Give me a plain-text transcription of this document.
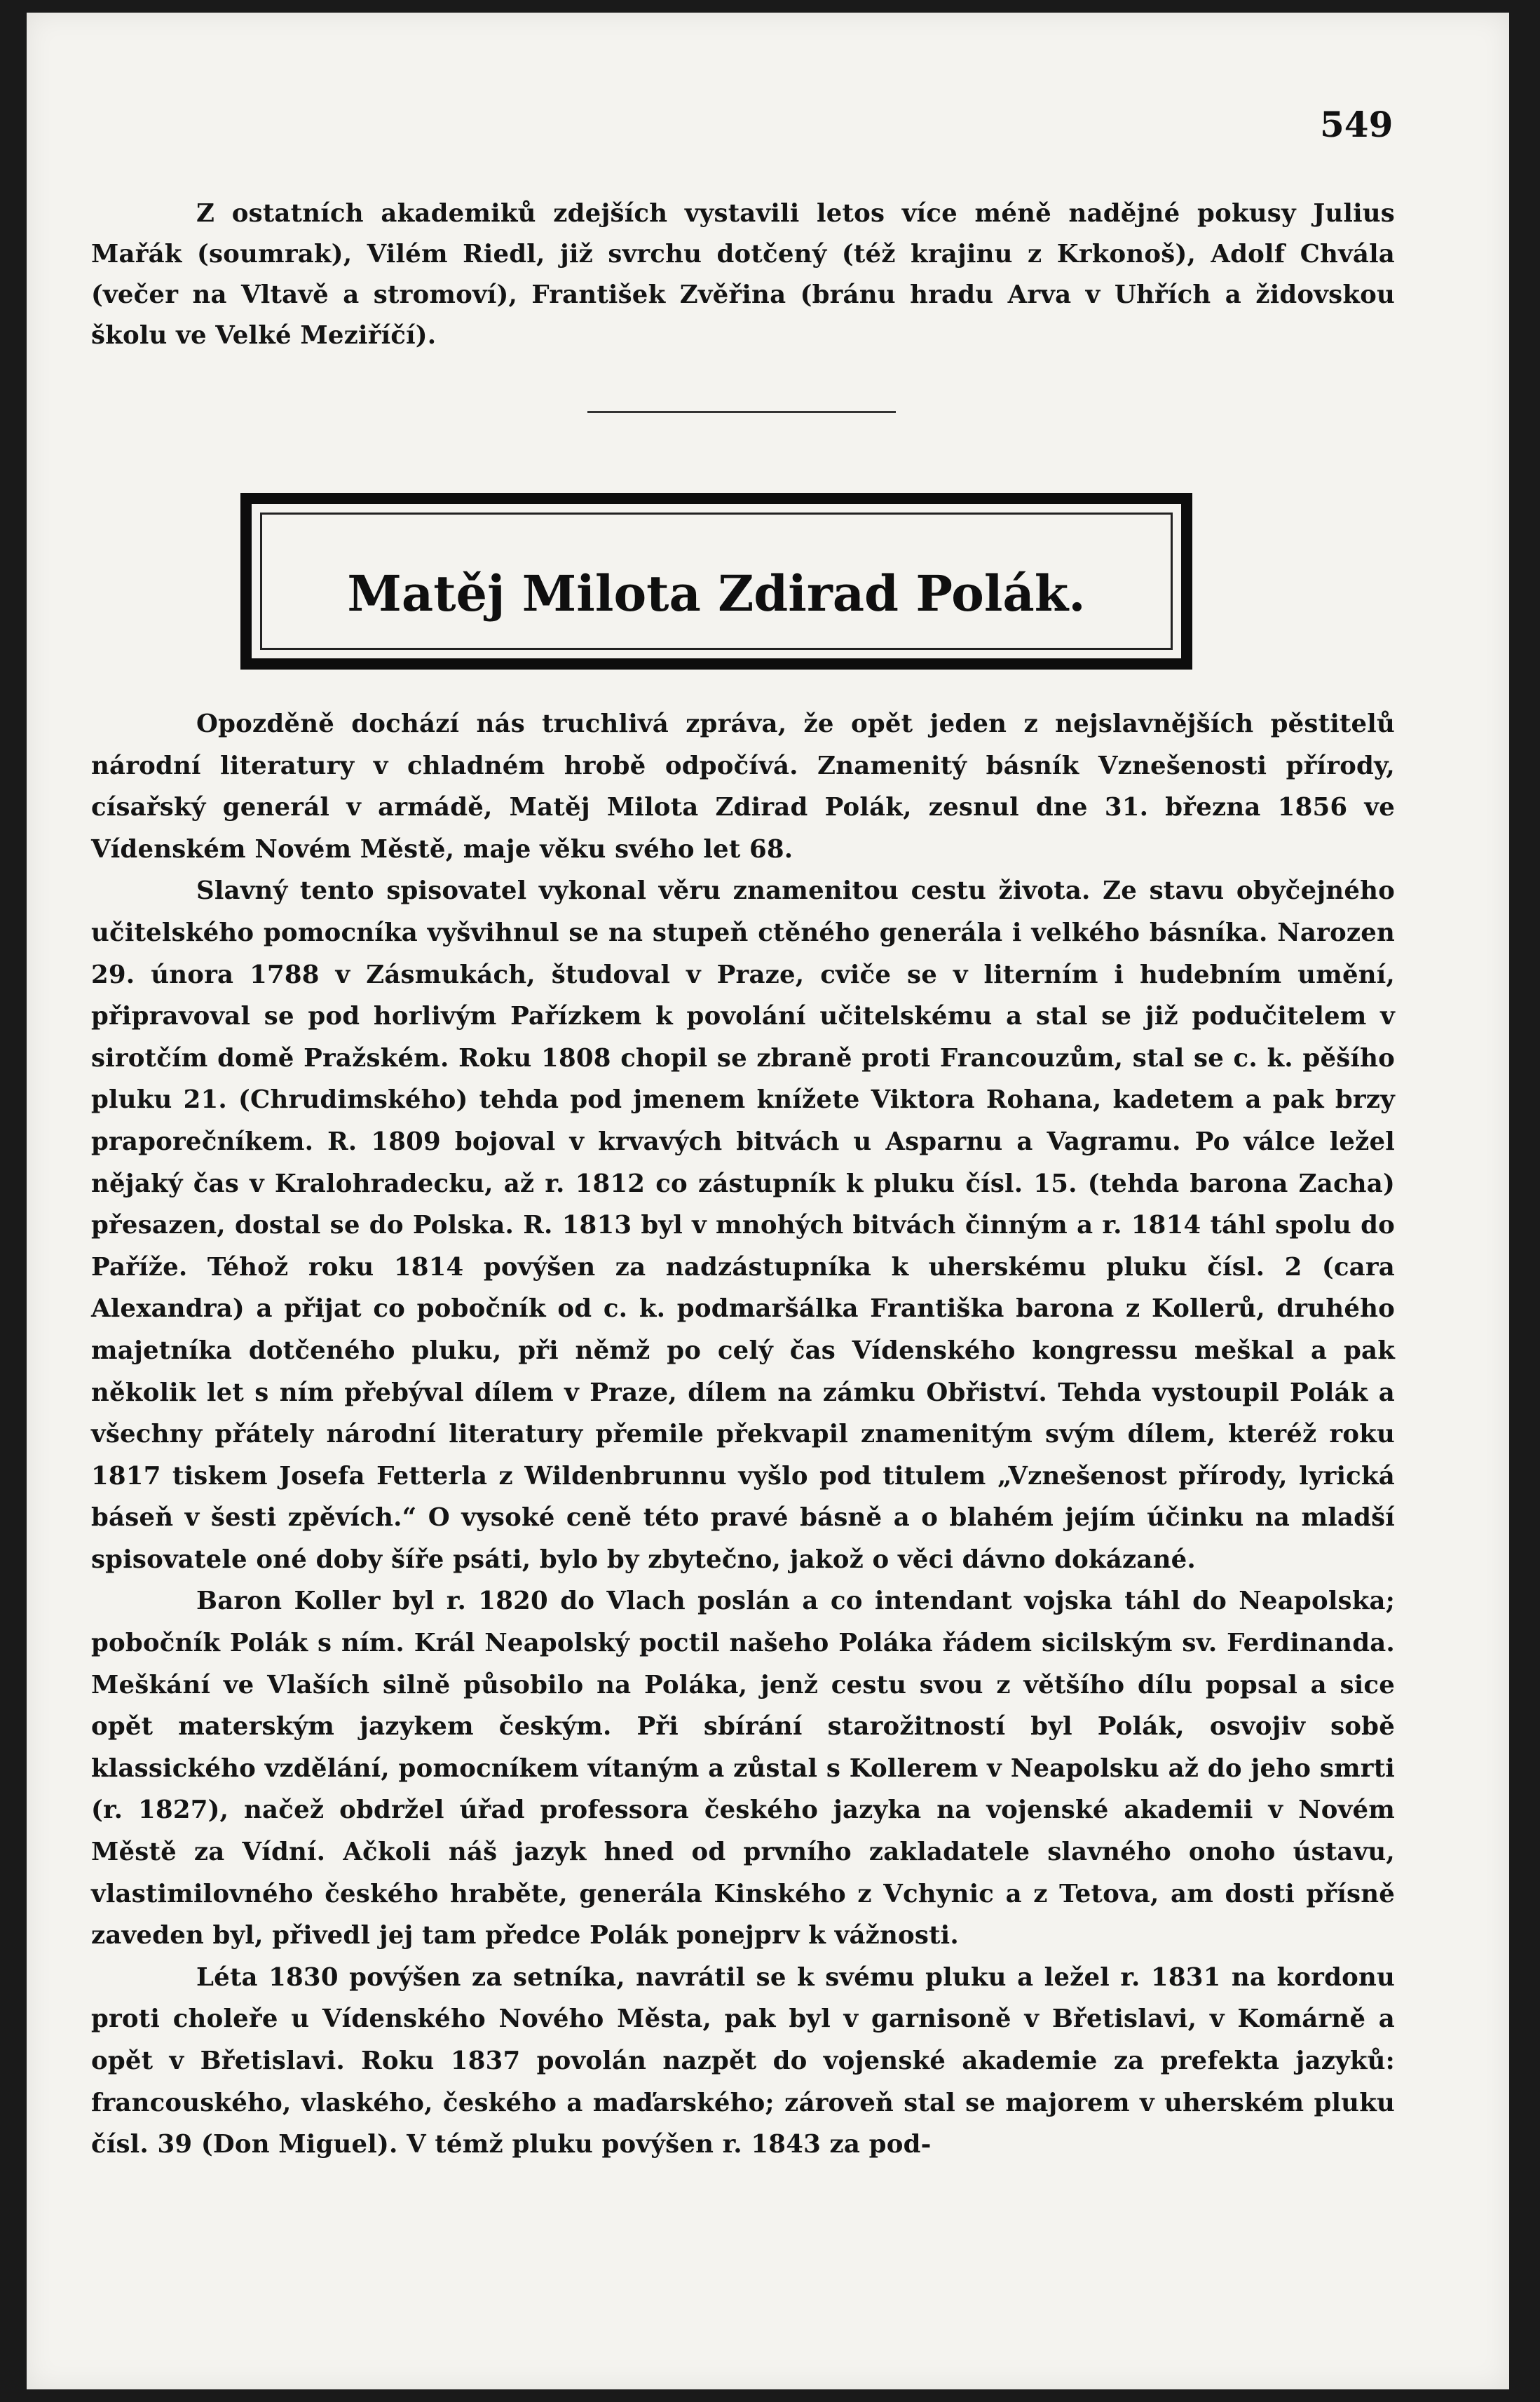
549

Z ostatních akademiků zdejších vystavili letos více méně nadějné pokusy Julius Mařák (soumrak), Vilém Riedl, již svrchu dotčený (též krajinu z Krkonoš), Adolf Chvála (večer na Vltavě a stromoví), František Zvěřina (bránu hradu Arva v Uhřích a židovskou školu ve Velké Meziříčí).

Matěj Milota Zdirad Polák.

Opozděně dochází nás truchlivá zpráva, že opět jeden z nejslavnějších pěstitelů národní literatury v chladném hrobě odpočívá. Znamenitý básník Vznešenosti přírody, císařský generál v armádě, Matěj Milota Zdirad Polák, zesnul dne 31. března 1856 ve Vídenském Novém Městě, maje věku svého let 68.

Slavný tento spisovatel vykonal věru znamenitou cestu života. Ze stavu obyčejného učitelského pomocníka vyšvihnul se na stupeň ctěného generála i velkého básníka. Narozen 29. února 1788 v Zásmukách, študoval v Praze, cviče se v literním i hudebním umění, připravoval se pod horlivým Pařízkem k povolání učitelskému a stal se již podučitelem v sirotčím domě Pražském. Roku 1808 chopil se zbraně proti Francouzům, stal se c. k. pěšího pluku 21. (Chrudimského) tehda pod jmenem knížete Viktora Rohana, kadetem a pak brzy praporečníkem. R. 1809 bojoval v krvavých bitvách u Asparnu a Vagramu. Po válce ležel nějaký čas v Kralohradecku, až r. 1812 co zástupník k pluku čísl. 15. (tehda barona Zacha) přesazen, dostal se do Polska. R. 1813 byl v mnohých bitvách činným a r. 1814 táhl spolu do Paříže. Téhož roku 1814 povýšen za nadzástupníka k uherskému pluku čísl. 2 (cara Alexandra) a přijat co pobočník od c. k. podmaršálka Františka barona z Kollerů, druhého majetníka dotčeného pluku, při němž po celý čas Vídenského kongressu meškal a pak několik let s ním přebýval dílem v Praze, dílem na zámku Obřiství. Tehda vystoupil Polák a všechny přátely národní literatury přemile překvapil znamenitým svým dílem, kteréž roku 1817 tiskem Josefa Fetterla z Wildenbrunnu vyšlo pod titulem „Vznešenost přírody, lyrická báseň v šesti zpěvích.“ O vysoké ceně této pravé básně a o blahém jejím účinku na mladší spisovatele oné doby šíře psáti, bylo by zbytečno, jakož o věci dávno dokázané.

Baron Koller byl r. 1820 do Vlach poslán a co intendant vojska táhl do Neapolska; pobočník Polák s ním. Král Neapolský poctil našeho Poláka řádem sicilským sv. Ferdinanda. Meškání ve Vlaších silně působilo na Poláka, jenž cestu svou z většího dílu popsal a sice opět materským jazykem českým. Při sbírání starožitností byl Polák, osvojiv sobě klassického vzdělání, pomocníkem vítaným a zůstal s Kollerem v Neapolsku až do jeho smrti (r. 1827), načež obdržel úřad professora českého jazyka na vojenské akademii v Novém Městě za Vídní. Ačkoli náš jazyk hned od prvního zakladatele slavného onoho ústavu, vlastimilovného českého hraběte, generála Kinského z Vchynic a z Tetova, am dosti přísně zaveden byl, přivedl jej tam předce Polák ponejprv k vážnosti.

Léta 1830 povýšen za setníka, navrátil se k svému pluku a ležel r. 1831 na kordonu proti choleře u Vídenského Nového Města, pak byl v garnisoně v Břetislavi, v Komárně a opět v Břetislavi. Roku 1837 povolán nazpět do vojenské akademie za prefekta jazyků: francouského, vlaského, českého a maďarského; zároveň stal se majorem v uherském pluku čísl. 39 (Don Miguel). V témž pluku povýšen r. 1843 za pod-
